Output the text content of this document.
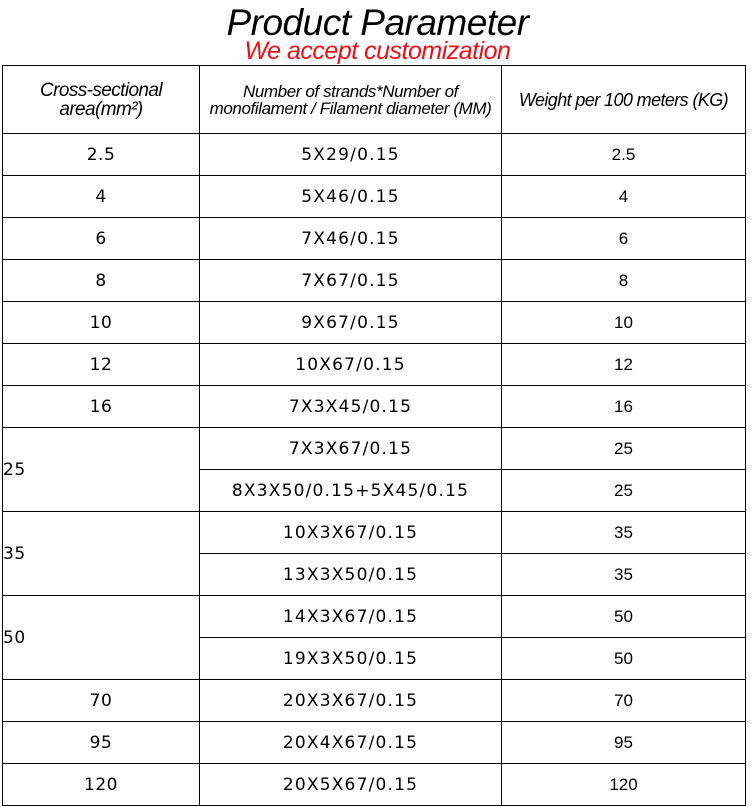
Product Parameter
We accept customization
Cross-sectional area(mm²)	Number of strands*Number of monofilament / Filament diameter (MM)	Weight per 100 meters (KG)
2.5	5X29/0.15	2.5
4	5X46/0.15	4
6	7X46/0.15	6
8	7X67/0.15	8
10	9X67/0.15	10
12	10X67/0.15	12
16	7X3X45/0.15	16
25	7X3X67/0.15	25
	8X3X50/0.15+5X45/0.15	25
35	10X3X67/0.15	35
	13X3X50/0.15	35
50	14X3X67/0.15	50
	19X3X50/0.15	50
70	20X3X67/0.15	70
95	20X4X67/0.15	95
120	20X5X67/0.15	120
